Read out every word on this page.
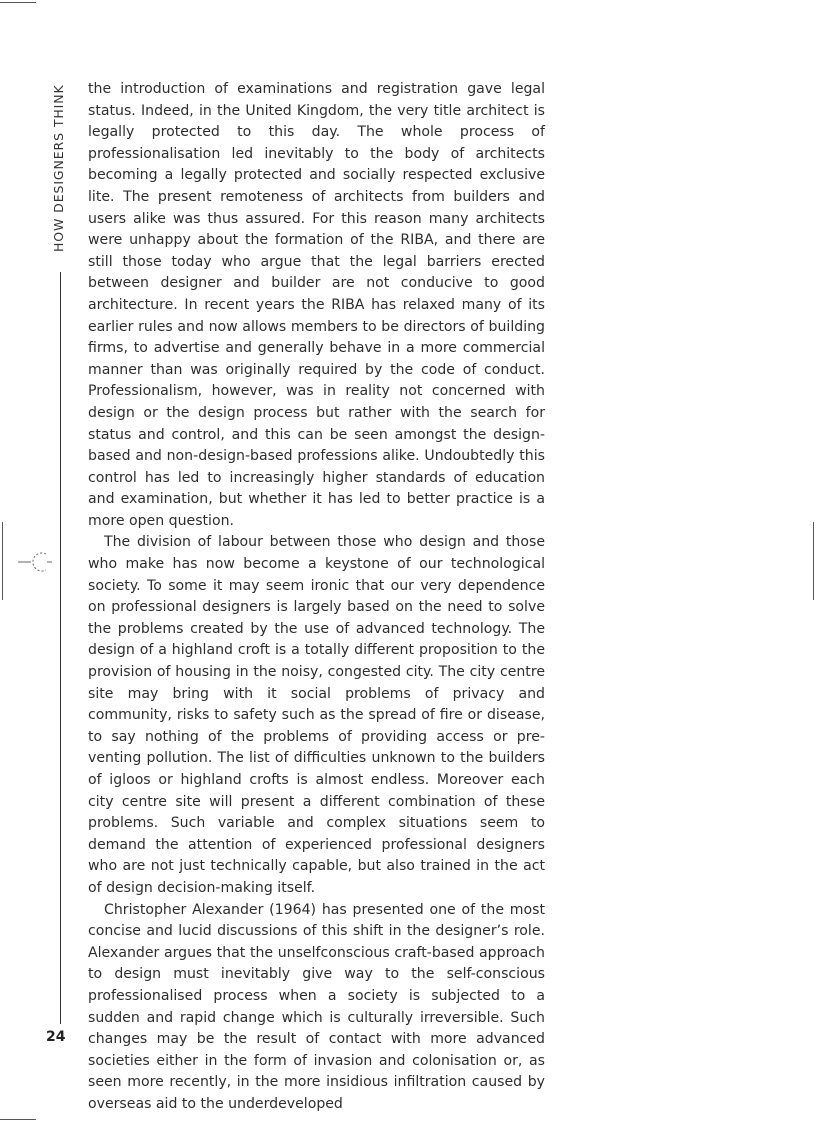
HOW DESIGNERS THINK the introduction of examinations and registration gave legal status. Indeed, in the United Kingdom, the very title architect is legally protected to this day. The whole process of professionalisation led inevitably to the body of architects becoming a legally protected and socially respected exclusive lite. The present remoteness of architects from builders and users alike was thus assured. For this reason many architects were unhappy about the formation of the RIBA, and there are still those today who argue that the legal barriers erected between designer and builder are not conducive to good architecture. In recent years the RIBA has relaxed many of its earlier rules and now allows members to be directors of building firms, to advertise and generally behave in a more commercial manner than was originally required by the code of conduct. Professionalism, however, was in reality not concerned with design or the design process but rather with the search for status and control, and this can be seen amongst the design-based and non-design-based professions alike. Undoubtedly this control has led to increasingly higher standards of education and examination, but whether it has led to better practice is a more open question.

The division of labour between those who design and those who make has now become a keystone of our technological society. To some it may seem ironic that our very dependence on professional designers is largely based on the need to solve the problems created by the use of advanced technology. The design of a highland croft is a totally different proposition to the provision of housing in the noisy, congested city. The city centre site may bring with it social problems of privacy and community, risks to safety such as the spread of fire or disease, to say nothing of the problems of providing access or preventing pollution. The list of difficulties unknown to the builders of igloos or highland crofts is almost endless. Moreover each city centre site will present a different combination of these problems. Such variable and complex situations seem to demand the attention of experienced professional designers who are not just technically capable, but also trained in the act of design decision-making itself.

Christopher Alexander (1964) has presented one of the most concise and lucid discussions of this shift in the designer’s role. Alexander argues that the unselfconscious craft-based approach to design must inevitably give way to the self-conscious professionalised process when a society is subjected to a sudden and rapid change which is culturally irreversible. Such changes may be the result of contact with more advanced societies either in the form of invasion and colonisation or, as seen more recently, in the more insidious infiltration caused by overseas aid to the underdeveloped

24
